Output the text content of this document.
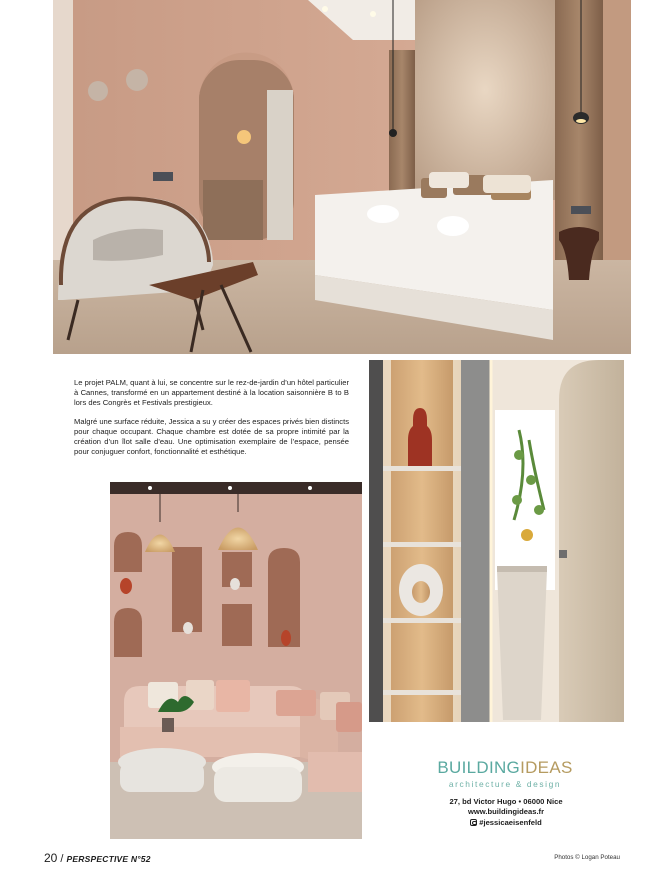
Le projet PALM, quant à lui, se concentre sur le rez-de-jardin d’un hôtel particulier à Cannes, transformé en un appartement destiné à la location saisonnière B to B lors des Congrès et Festivals prestigieux.

Malgré une surface réduite, Jessica a su y créer des espaces privés bien distincts pour chaque occupant. Chaque chambre est dotée de sa propre intimité par la création d’un îlot salle d’eau. Une optimisation exemplaire de l’espace, pensée pour conjuguer confort, fonctionnalité et esthétique.

BUILDINGIDEAS
architecture & design
27, bd Victor Hugo • 06000 Nice
www.buildingideas.fr
#jessicaeisenfeld
20 / PERSPECTIVE N°52	Photos © Logan Poteau
